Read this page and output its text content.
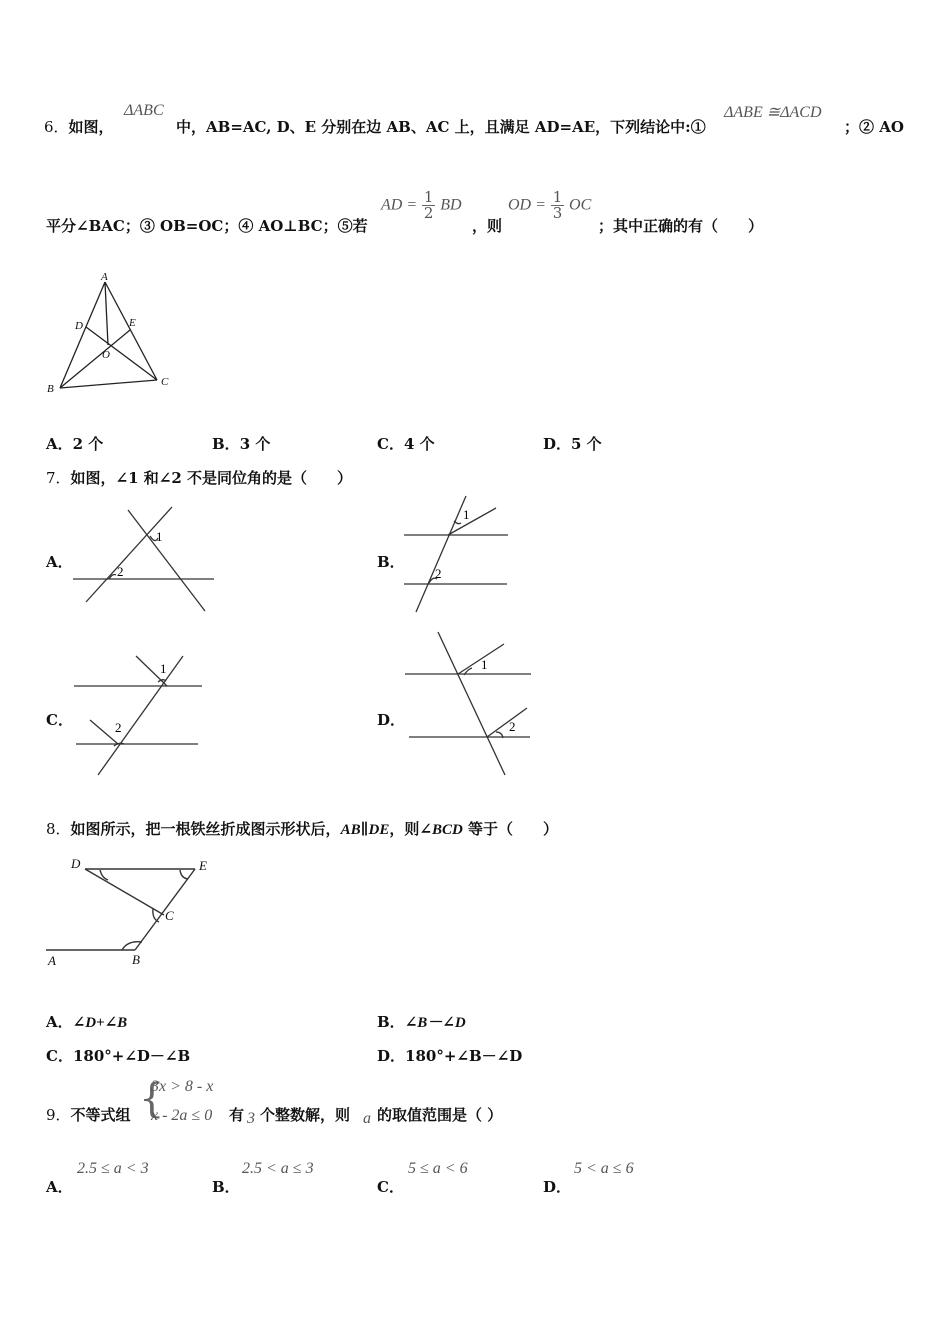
6．如图，
ΔABC
中，AB=AC, D、E 分别在边 AB、AC 上，且满足 AD=AE，下列结论中:①
ΔABE ≅ΔACD
；② AO
平分∠BAC；③ OB=OC；④ AO⊥BC；⑤若
AD = $\frac{1}{2}$ BD
，则
OD = $\frac{1}{3}$ OC
；其中正确的有（　　）
A
D	E
O
B
C
A．2 个	B．3 个	C．4 个	D．5 个
7．如图，∠1 和∠2 不是同位角的是（　　）
A．
1
2
B．
1
2
C．
1
2	D．
1
2
8．如图所示，把一根铁丝折成图示形状后，AB∥DE，则∠BCD 等于（　　）
D	E
C
A	B
A．∠D+∠B	B．∠B－∠D
C．180°+∠D－∠B	D．180°+∠B－∠D
9．不等式组 {
3x > 8 - x
x - 2a ≤ 0 有 3 个整数解，则 a 的取值范围是（ ）
A．
2.5 ≤ a < 3
B．
2.5 < a ≤ 3
C．
5 ≤ a < 6
D．
5 < a ≤ 6
